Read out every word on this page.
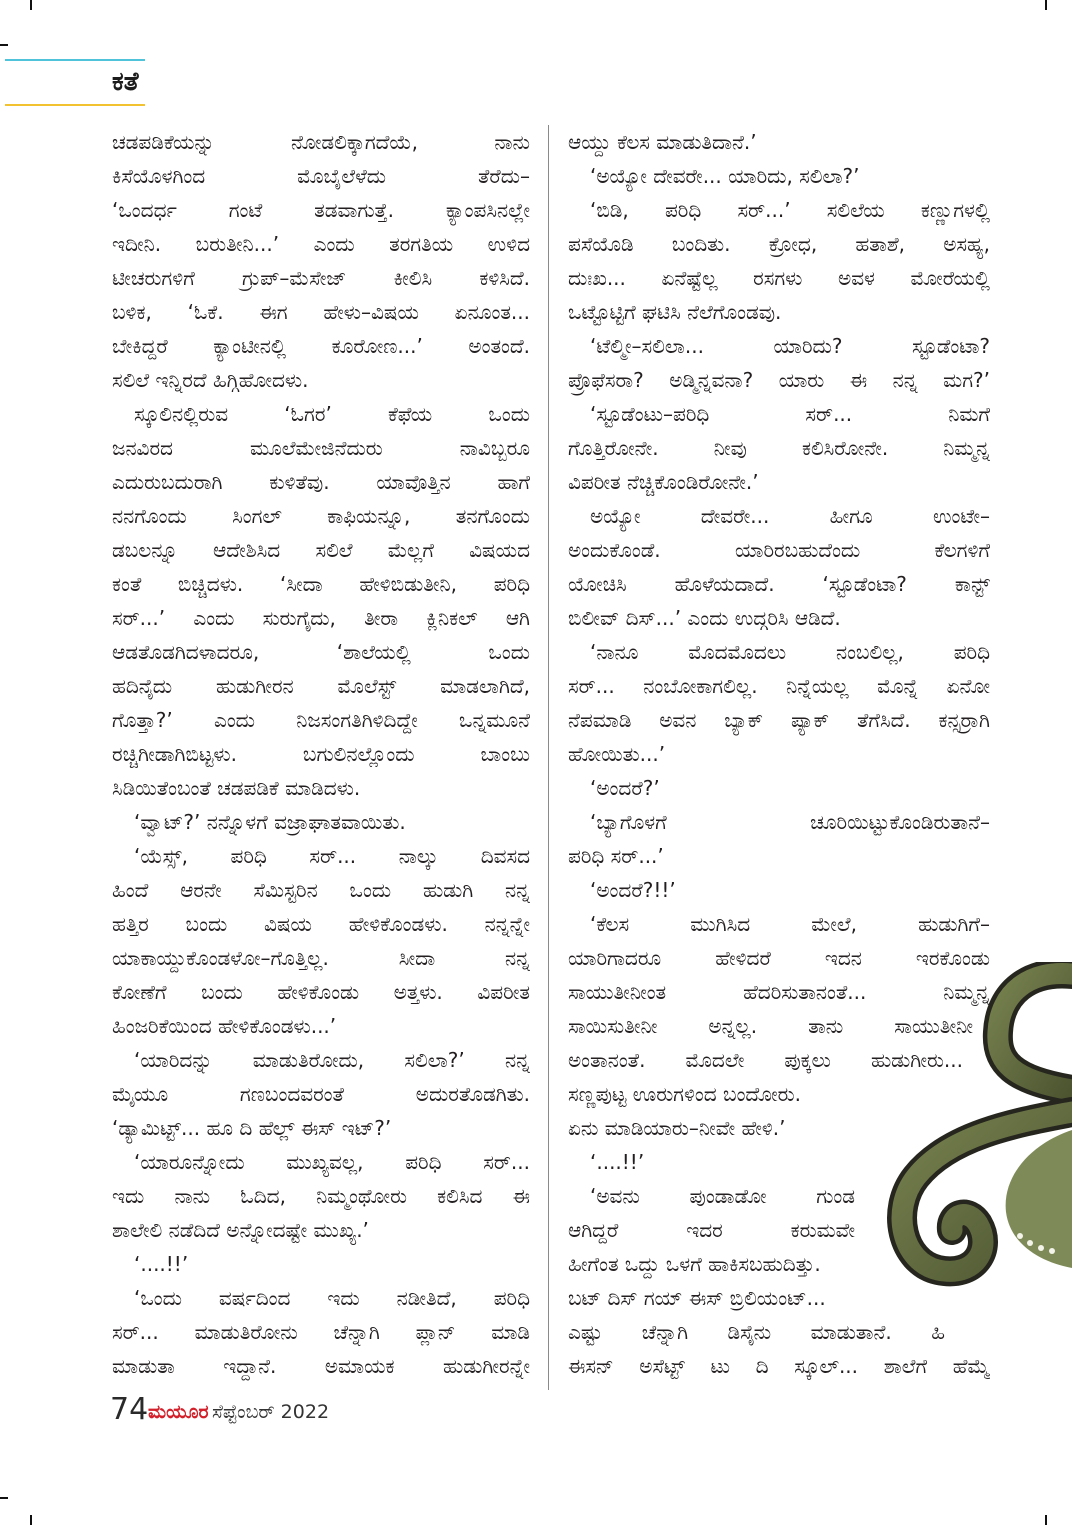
ಕತೆ
ಚಡಪಡಿಕೆಯನ್ನು ನೋಡಲಿಕ್ಕಾಗದೆಯೆ, ನಾನು
ಕಿಸೆಯೊಳಗಿಂದ ಮೊಬೈಲೆಳೆದು ತೆರೆದು–
‘ಒಂದರ್ಧ ಗಂಟೆ ತಡವಾಗುತ್ತೆ. ಕ್ಯಾಂಪಸಿನಲ್ಲೇ
ಇದೀನಿ. ಬರುತೀನಿ...’ ಎಂದು ತರಗತಿಯ ಉಳಿದ
ಟೀಚರುಗಳಿಗೆ ಗ್ರುಪ್–ಮೆಸೇಜ್ ಕೀಲಿಸಿ ಕಳಿಸಿದೆ.
ಬಳಿಕ, ‘ಓಕೆ. ಈಗ ಹೇಳು–ವಿಷಯ ಏನೂಂತ...
ಬೇಕಿದ್ದರೆ ಕ್ಯಾಂಟೀನಲ್ಲಿ ಕೂರೋಣ...’ ಅಂತಂದೆ.
ಸಲಿಲೆ ಇನ್ನಿರದೆ ಹಿಗ್ಗಿಹೋದಳು.
ಸ್ಕೂಲಿನಲ್ಲಿರುವ ‘ಓಗರ’ ಕೆಫೆಯ ಒಂದು
ಜನವಿರದ ಮೂಲೆಮೇಜಿನೆದುರು ನಾವಿಬ್ಬರೂ
ಎದುರುಬದುರಾಗಿ ಕುಳಿತೆವು. ಯಾವೊತ್ತಿನ ಹಾಗೆ
ನನಗೊಂದು ಸಿಂಗಲ್ ಕಾಫಿಯನ್ನೂ, ತನಗೊಂದು
ಡಬಲನ್ನೂ ಆದೇಶಿಸಿದ ಸಲಿಲೆ ಮೆಲ್ಲಗೆ ವಿಷಯದ
ಕಂತೆ ಬಿಚ್ಚಿದಳು. ‘ಸೀದಾ ಹೇಳಿಬಿಡುತೀನಿ, ಪರಿಧಿ
ಸರ್...’ ಎಂದು ಸುರುಗೈದು, ತೀರಾ ಕ್ಲಿನಿಕಲ್ ಆಗಿ
ಆಡತೊಡಗಿದಳಾದರೂ, ‘ಶಾಲೆಯಲ್ಲಿ ಒಂದು
ಹದಿನೈದು ಹುಡುಗೀರನ ಮೊಲೆಸ್ಟ್ ಮಾಡಲಾಗಿದೆ,
ಗೊತ್ತಾ?’ ಎಂದು ನಿಜಸಂಗತಿಗಿಳಿದಿದ್ದೇ ಒನ್ನಮೂನೆ
ರಚ್ಚಿಗೀಡಾಗಿಬಿಟ್ಟಳು. ಬಗುಲಿನಲ್ಲೊಂದು ಬಾಂಬು
ಸಿಡಿಯಿತೆಂಬಂತೆ ಚಡಪಡಿಕೆ ಮಾಡಿದಳು.
‘ವ್ವಾಟ್?’ ನನ್ನೊಳಗೆ ವಜ್ರಾಘಾತವಾಯಿತು.
‘ಯೆಸ್ಸ್, ಪರಿಧಿ ಸರ್... ನಾಲ್ಕು ದಿವಸದ
ಹಿಂದೆ ಆರನೇ ಸೆಮಿಸ್ಟರಿನ ಒಂದು ಹುಡುಗಿ ನನ್ನ
ಹತ್ತಿರ ಬಂದು ವಿಷಯ ಹೇಳಿಕೊಂಡಳು. ನನ್ನನ್ನೇ
ಯಾಕಾಯ್ದುಕೊಂಡಳೋ–ಗೊತ್ತಿಲ್ಲ. ಸೀದಾ ನನ್ನ
ಕೋಣೆಗೆ ಬಂದು ಹೇಳಿಕೊಂಡು ಅತ್ತಳು. ವಿಪರೀತ
ಹಿಂಜರಿಕೆಯಿಂದ ಹೇಳಿಕೊಂಡಳು...’
‘ಯಾರಿದನ್ನು ಮಾಡುತಿರೋದು, ಸಲಿಲಾ?’ ನನ್ನ
ಮೈಯೂ ಗಣಬಂದವರಂತೆ ಅದುರತೊಡಗಿತು.
‘ಡ್ಯಾಮಿಟ್ಟ್... ಹೂ ದಿ ಹೆಲ್ಲ್ ಈಸ್ ಇಟ್?’
‘ಯಾರೂನ್ನೋದು ಮುಖ್ಯವಲ್ಲ, ಪರಿಧಿ ಸರ್...
ಇದು ನಾನು ಓದಿದ, ನಿಮ್ಮಂಥೋರು ಕಲಿಸಿದ ಈ
ಶಾಲೇಲಿ ನಡೆದಿದೆ ಅನ್ನೋದಷ್ಟೇ ಮುಖ್ಯ.’
‘....!!’
‘ಒಂದು ವರ್ಷದಿಂದ ಇದು ನಡೀತಿದೆ, ಪರಿಧಿ
ಸರ್... ಮಾಡುತಿರೋನು ಚೆನ್ನಾಗಿ ಪ್ಲಾನ್ ಮಾಡಿ
ಮಾಡುತಾ ಇದ್ದಾನೆ. ಅಮಾಯಕ ಹುಡುಗೀರನ್ನೇ
ಆಯ್ದು ಕೆಲಸ ಮಾಡುತಿದಾನೆ.’
‘ಅಯ್ಯೋ ದೇವರೇ... ಯಾರಿದು, ಸಲಿಲಾ?’
‘ಬಿಡಿ, ಪರಿಧಿ ಸರ್...’ ಸಲಿಲೆಯ ಕಣ್ಣುಗಳಲ್ಲಿ
ಪಸೆಯೊಡಿ ಬಂದಿತು. ಕ್ರೋಧ, ಹತಾಶೆ, ಅಸಹ್ಯ,
ದುಃಖ... ಏನೆಷ್ಟೆಲ್ಲ ರಸಗಳು ಅವಳ ಮೋರೆಯಲ್ಲಿ
ಒಟ್ಟೊಟ್ಟಿಗೆ ಘಟಿಸಿ ನೆಲೆಗೊಂಡವು.
‘ಟೆಲ್ಮೀ–ಸಲಿಲಾ... ಯಾರಿದು? ಸ್ಟೂಡೆಂಟಾ?
ಪ್ರೊಫೆಸರಾ? ಅಡ್ಮಿನ್ನವನಾ? ಯಾರು ಈ ನನ್ನ ಮಗ?’
‘ಸ್ಟೂಡೆಂಟು–ಪರಿಧಿ ಸರ್... ನಿಮಗೆ
ಗೊತ್ತಿರೋನೇ. ನೀವು ಕಲಿಸಿರೋನೇ. ನಿಮ್ಮನ್ನ
ವಿಪರೀತ ನೆಚ್ಚಿಕೊಂಡಿರೋನೇ.’
ಅಯ್ಯೋ ದೇವರೇ... ಹೀಗೂ ಉಂಟೇ–
ಅಂದುಕೊಂಡೆ. ಯಾರಿರಬಹುದೆಂದು ಕೆಲಗಳಿಗೆ
ಯೋಚಿಸಿ ಹೊಳೆಯದಾದೆ. ‘ಸ್ಟೂಡೆಂಟಾ? ಕಾನ್ಟ್
ಬಿಲೀವ್ ದಿಸ್...’ ಎಂದು ಉದ್ಗರಿಸಿ ಆಡಿದೆ.
‘ನಾನೂ ಮೊದಮೊದಲು ನಂಬಲಿಲ್ಲ, ಪರಿಧಿ
ಸರ್... ನಂಬೋಕಾಗಲಿಲ್ಲ. ನಿನ್ನೆಯಲ್ಲ ಮೊನ್ನೆ ಏನೋ
ನೆಪಮಾಡಿ ಅವನ ಬ್ಯಾಕ್ ಪ್ಯಾಕ್ ತೆಗೆಸಿದೆ. ಕನ್ಸರ್ರಾಗಿ
ಹೋಯಿತು...’
‘ಅಂದರೆ?’
‘ಬ್ಯಾಗೊಳಗೆ ಚೂರಿಯಿಟ್ಟುಕೊಂಡಿರುತಾನೆ–
ಪರಿಧಿ ಸರ್...’
‘ಅಂದರೆ?!!’
‘ಕೆಲಸ ಮುಗಿಸಿದ ಮೇಲೆ, ಹುಡುಗಿಗೆ–
ಯಾರಿಗಾದರೂ ಹೇಳಿದರೆ ಇದನ ಇರಕೊಂಡು
ಸಾಯುತೀನೀಂತ ಹೆದರಿಸುತಾನಂತೆ... ನಿಮ್ಮನ್ನ
ಸಾಯಿಸುತೀನೀ ಅನ್ನಲ್ಲ. ತಾನು ಸಾಯುತೀನೀ
ಅಂತಾನಂತೆ. ಮೊದಲೇ ಪುಕ್ಕಲು ಹುಡುಗೀರು...
ಸಣ್ಣಪುಟ್ಟ ಊರುಗಳಿಂದ ಬಂದೋರು.
ಏನು ಮಾಡಿಯಾರು–ನೀವೇ ಹೇಳಿ.’
‘....!!’
‘ಅವನು ಪುಂಡಾಡೋ ಗುಂಡ
ಆಗಿದ್ದರೆ ಇದರ ಕರುಮವೇ
ಹೀಗೆಂತ ಒದ್ದು ಒಳಗೆ ಹಾಕಿಸಬಹುದಿತ್ತು.
ಬಟ್ ದಿಸ್ ಗಯ್ ಈಸ್ ಬ್ರಿಲಿಯಂಟ್...
ಎಷ್ಟು ಚೆನ್ನಾಗಿ ಡಿಸೈನು ಮಾಡುತಾನೆ. ಹಿ
ಈಸನ್ ಅಸೆಟ್ಟ್ ಟು ದಿ ಸ್ಕೂಲ್... ಶಾಲೆಗೆ ಹೆಮ್ಮೆ
74 ಮಯೂರ ಸೆಪ್ಟೆಂಬರ್ 2022
